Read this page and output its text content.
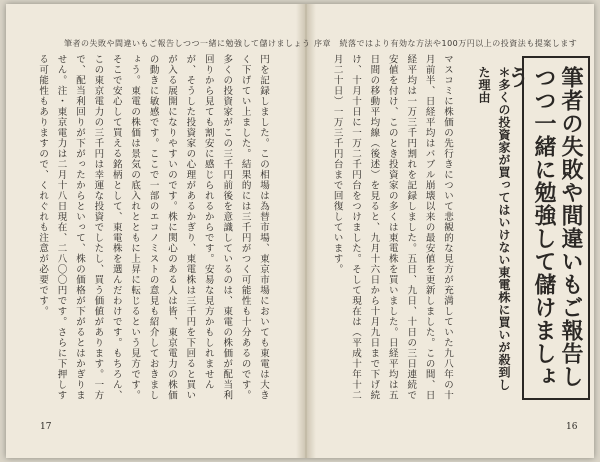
筆者の失敗や間違いもご報告しつつ一緒に勉強して儲けましょう
円を記録しました。この相場は為替市場、東京市場においても東電は大きく下げてい上ました。結果的には三千円がつく可能性も十分あるのです。多くの投資家がこの三千円前後を意識しているのは、東電の株価が配当利回りから見ても割安に感じられるからです。安易な見方かもしれませんが、そうした投資家の心理があるかぎり、東電株は三千円を下回ると買いが入る展開になりやすいのです。株に関心のある人は皆、東京電力の株価の動きに敏感です。ここで一部のエコノミストの意見も紹介しておきましょう。東電の株価は景気の底入れとともに上昇に転じるという見方です。そこで安心して買える銘柄として、東電株を選んだわけです。もちろん、この東京電力の三千円は幸運な投資でしたし、買う価値があります。一方で、配当利回りが下がったからといって、株の価格が下がるとはかぎりません。注・東京電力は二月十八日現在、二八〇〇円です。さらに下押しする可能性もありますので、くれぐれも注意が必要です。
17
序章　続落ではより有効な方法や100万円以上の投資法も提案します
筆者の失敗や間違いもご報告しつつ一緒に勉強して儲けましょう
＊多くの投資家が買ってはいけない東電株に買いが殺到した理由
マスコミに株価の先行きについて悲観的な見方が充満していた九八年の十月前半、日経平均はバブル崩壊以来の最安値を更新しました。この間、日経平均は一万三千円割れを記録しました。五日、九日、十日の三日連続で安値を付け、このとき投資家の多くは東電株を買いました。日経平均は五日間の移動平均線（後述）を見ると、九月十六日から十月九日まで下げ続け、十月十日に一万二千円台をつけました。そして現在は（平成十年十二月二十日）一万三千円台まで回復しています。
16
